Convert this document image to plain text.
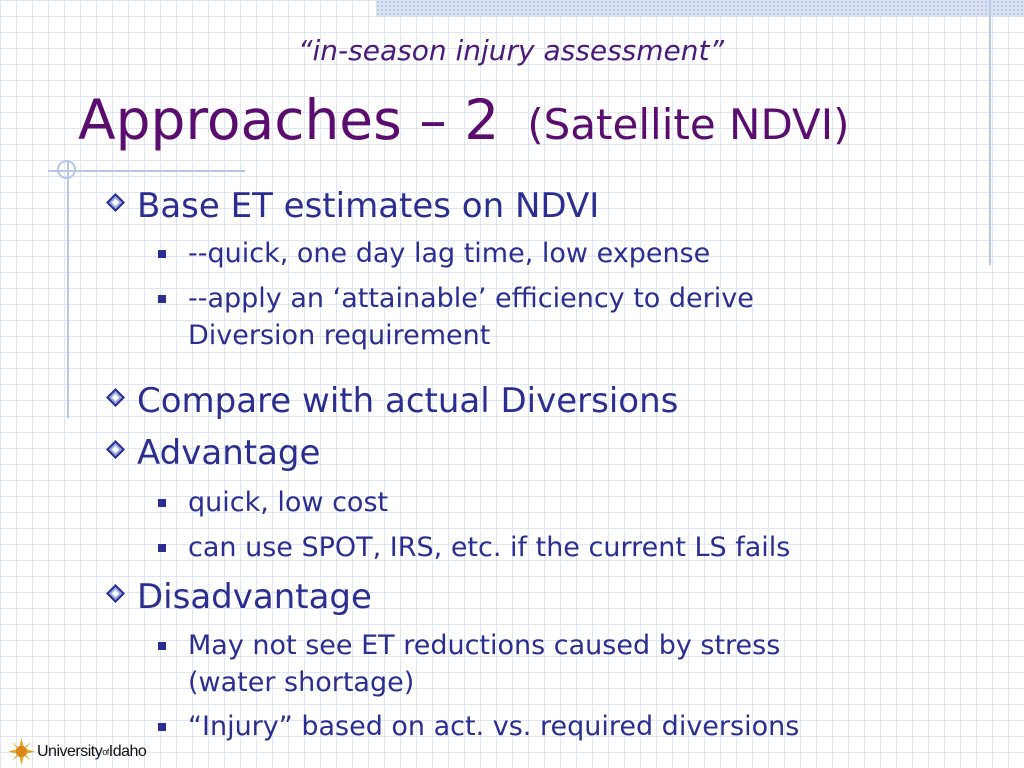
“in-season injury assessment”
Approaches – 2 (Satellite NDVI)
Base ET estimates on NDVI
--quick, one day lag time, low expense
--apply an ‘attainable’ efficiency to derive
Diversion requirement
Compare with actual Diversions
Advantage
quick, low cost
can use SPOT, IRS, etc. if the current LS fails
Disadvantage
May not see ET reductions caused by stress
(water shortage)
“Injury” based on act. vs. required diversions
University of Idaho
